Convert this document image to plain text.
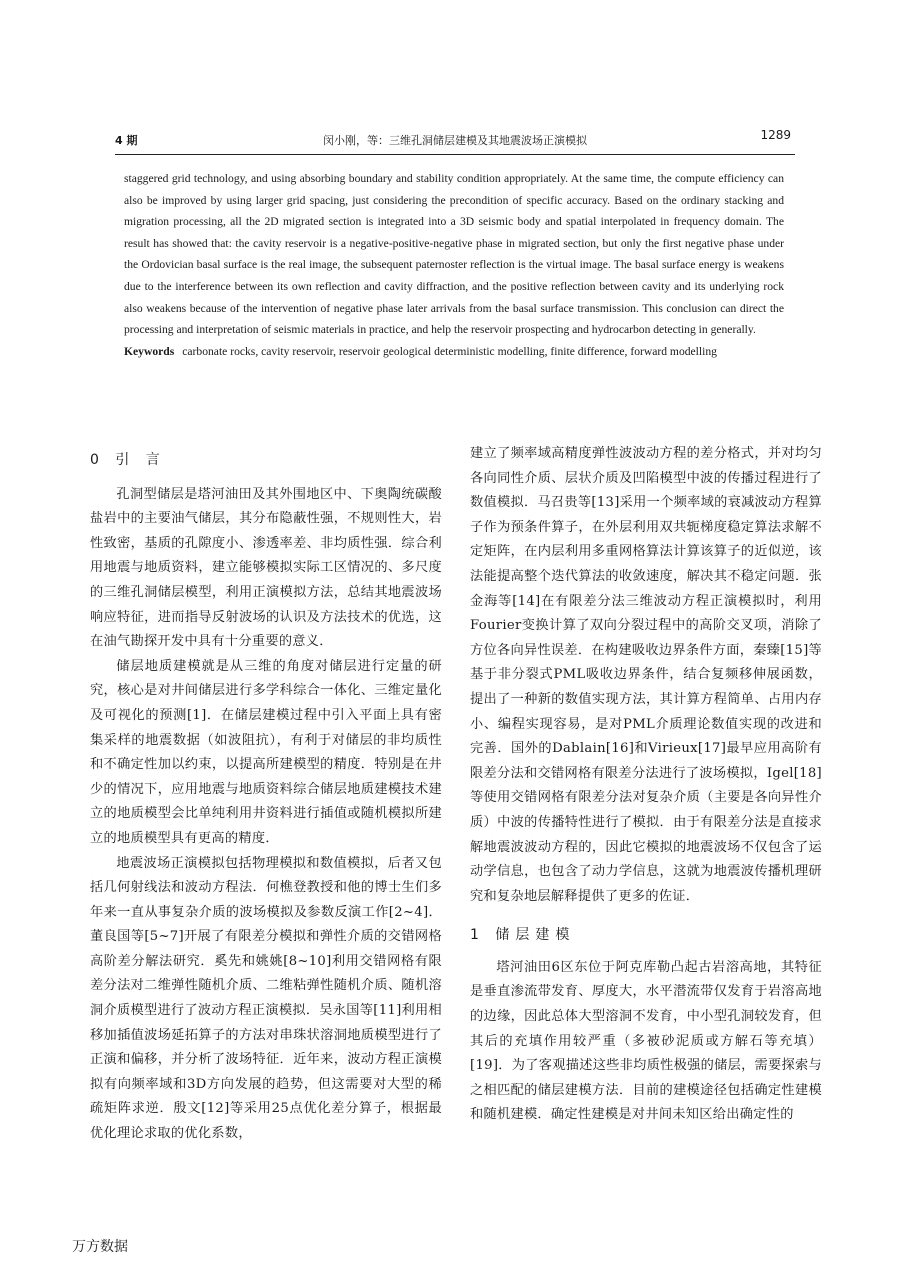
4 期	闵小刚，等：三维孔洞储层建模及其地震波场正演模拟	1289

staggered grid technology, and using absorbing boundary and stability condition appropriately. At the same time, the compute efficiency can also be improved by using larger grid spacing, just considering the precondition of specific accuracy. Based on the ordinary stacking and migration processing, all the 2D migrated section is integrated into a 3D seismic body and spatial interpolated in frequency domain. The result has showed that: the cavity reservoir is a negative-positive-negative phase in migrated section, but only the first negative phase under the Ordovician basal surface is the real image, the subsequent paternoster reflection is the virtual image. The basal surface energy is weakens due to the interference between its own reflection and cavity diffraction, and the positive reflection between cavity and its underlying rock also weakens because of the intervention of negative phase later arrivals from the basal surface transmission. This conclusion can direct the processing and interpretation of seismic materials in practice, and help the reservoir prospecting and hydrocarbon detecting in generally.

Keywords carbonate rocks, cavity reservoir, reservoir geological deterministic modelling, finite difference, forward modelling

0 引 言

孔洞型储层是塔河油田及其外围地区中、下奥陶统碳酸盐岩中的主要油气储层，其分布隐蔽性强，不规则性大，岩性致密，基质的孔隙度小、渗透率差、非均质性强．综合利用地震与地质资料，建立能够模拟实际工区情况的、多尺度的三维孔洞储层模型，利用正演模拟方法，总结其地震波场响应特征，进而指导反射波场的认识及方法技术的优选，这在油气勘探开发中具有十分重要的意义．

储层地质建模就是从三维的角度对储层进行定量的研究，核心是对井间储层进行多学科综合一体化、三维定量化及可视化的预测[1]．在储层建模过程中引入平面上具有密集采样的地震数据（如波阻抗），有利于对储层的非均质性和不确定性加以约束，以提高所建模型的精度．特别是在井少的情况下，应用地震与地质资料综合储层地质建模技术建立的地质模型会比单纯利用井资料进行插值或随机模拟所建立的地质模型具有更高的精度．

地震波场正演模拟包括物理模拟和数值模拟，后者又包括几何射线法和波动方程法．何樵登教授和他的博士生们多年来一直从事复杂介质的波场模拟及参数反演工作[2~4]．董良国等[5~7]开展了有限差分模拟和弹性介质的交错网格高阶差分解法研究．奚先和姚姚[8~10]利用交错网格有限差分法对二维弹性随机介质、二维粘弹性随机介质、随机溶洞介质模型进行了波动方程正演模拟．吴永国等[11]利用相移加插值波场延拓算子的方法对串珠状溶洞地质模型进行了正演和偏移，并分析了波场特征．近年来，波动方程正演模拟有向频率域和3D方向发展的趋势，但这需要对大型的稀疏矩阵求逆．殷文[12]等采用25点优化差分算子，根据最优化理论求取的优化系数，

建立了频率域高精度弹性波波动方程的差分格式，并对均匀各向同性介质、层状介质及凹陷模型中波的传播过程进行了数值模拟．马召贵等[13]采用一个频率域的衰减波动方程算子作为预条件算子，在外层利用双共轭梯度稳定算法求解不定矩阵，在内层利用多重网格算法计算该算子的近似逆，该法能提高整个迭代算法的收敛速度，解决其不稳定问题．张金海等[14]在有限差分法三维波动方程正演模拟时，利用Fourier变换计算了双向分裂过程中的高阶交叉项，消除了方位各向异性误差．在构建吸收边界条件方面，秦臻[15]等基于非分裂式PML吸收边界条件，结合复频移伸展函数，提出了一种新的数值实现方法，其计算方程简单、占用内存小、编程实现容易，是对PML介质理论数值实现的改进和完善．国外的Dablain[16]和Virieux[17]最早应用高阶有限差分法和交错网格有限差分法进行了波场模拟，Igel[18]等使用交错网格有限差分法对复杂介质（主要是各向异性介质）中波的传播特性进行了模拟．由于有限差分法是直接求解地震波波动方程的，因此它模拟的地震波场不仅包含了运动学信息，也包含了动力学信息，这就为地震波传播机理研究和复杂地层解释提供了更多的佐证．

1 储层建模

塔河油田6区东位于阿克库勒凸起古岩溶高地，其特征是垂直渗流带发育、厚度大，水平潜流带仅发育于岩溶高地的边缘，因此总体大型溶洞不发育，中小型孔洞较发育，但其后的充填作用较严重（多被砂泥质或方解石等充填）[19]．为了客观描述这些非均质性极强的储层，需要探索与之相匹配的储层建模方法．目前的建模途径包括确定性建模和随机建模．确定性建模是对井间未知区给出确定性的

万方数据
